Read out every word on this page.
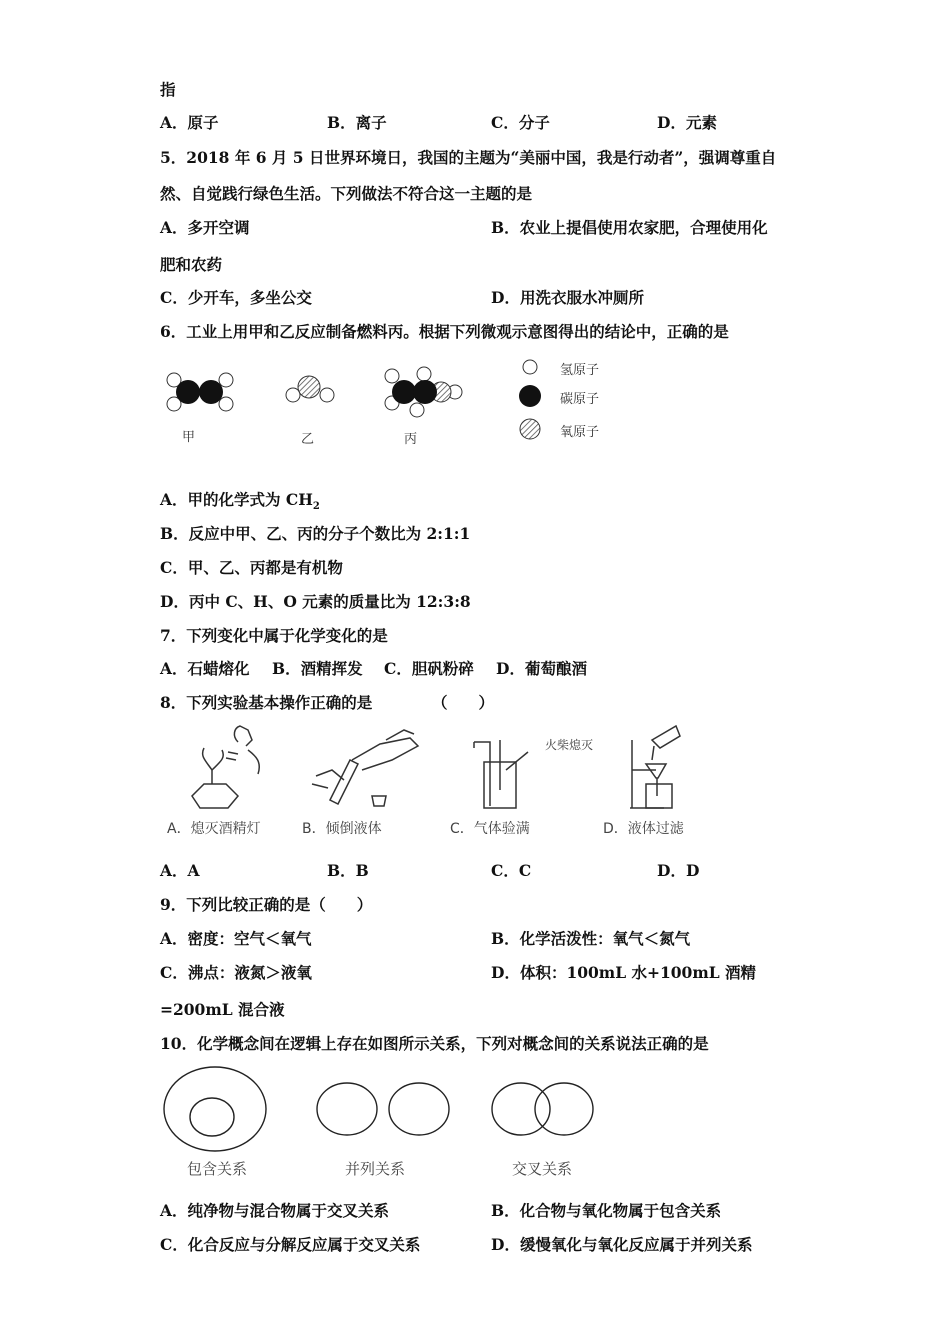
指
A．原子	B．离子	C．分子	D．元素
5．2018 年 6 月 5 日世界环境日，我国的主题为“美丽中国，我是行动者”，强调尊重自
然、自觉践行绿色生活。下列做法不符合这一主题的是
A．多开空调	B．农业上提倡使用农家肥，合理使用化
肥和农药
C．少开车，多坐公交	D．用洗衣服水冲厕所
6．工业上用甲和乙反应制备燃料丙。根据下列微观示意图得出的结论中，正确的是
甲	乙	丙
氢原子
碳原子
氧原子
A．甲的化学式为 $CH_2$
B．反应中甲、乙、丙的分子个数比为 2:1:1
C．甲、乙、丙都是有机物
D．丙中 C、H、O 元素的质量比为 12:3:8
7．下列变化中属于化学变化的是
A．石蜡熔化 B．酒精挥发 C．胆矾粉碎 D．葡萄酿酒
8．下列实验基本操作正确的是	（　　）
火柴熄灭
A．熄灭酒精灯	B．倾倒液体	C．气体验满	D．液体过滤
A．A	B．B	C．C	D．D
9．下列比较正确的是（　　）
A．密度：空气＜氧气	B．化学活泼性：氧气＜氮气
C．沸点：液氮＞液氧	D．体积：100mL 水+100mL 酒精
=200mL 混合液
10．化学概念间在逻辑上存在如图所示关系，下列对概念间的关系说法正确的是
包含关系	并列关系	交叉关系
A．纯净物与混合物属于交叉关系	B．化合物与氧化物属于包含关系
C．化合反应与分解反应属于交叉关系	D．缓慢氧化与氧化反应属于并列关系
